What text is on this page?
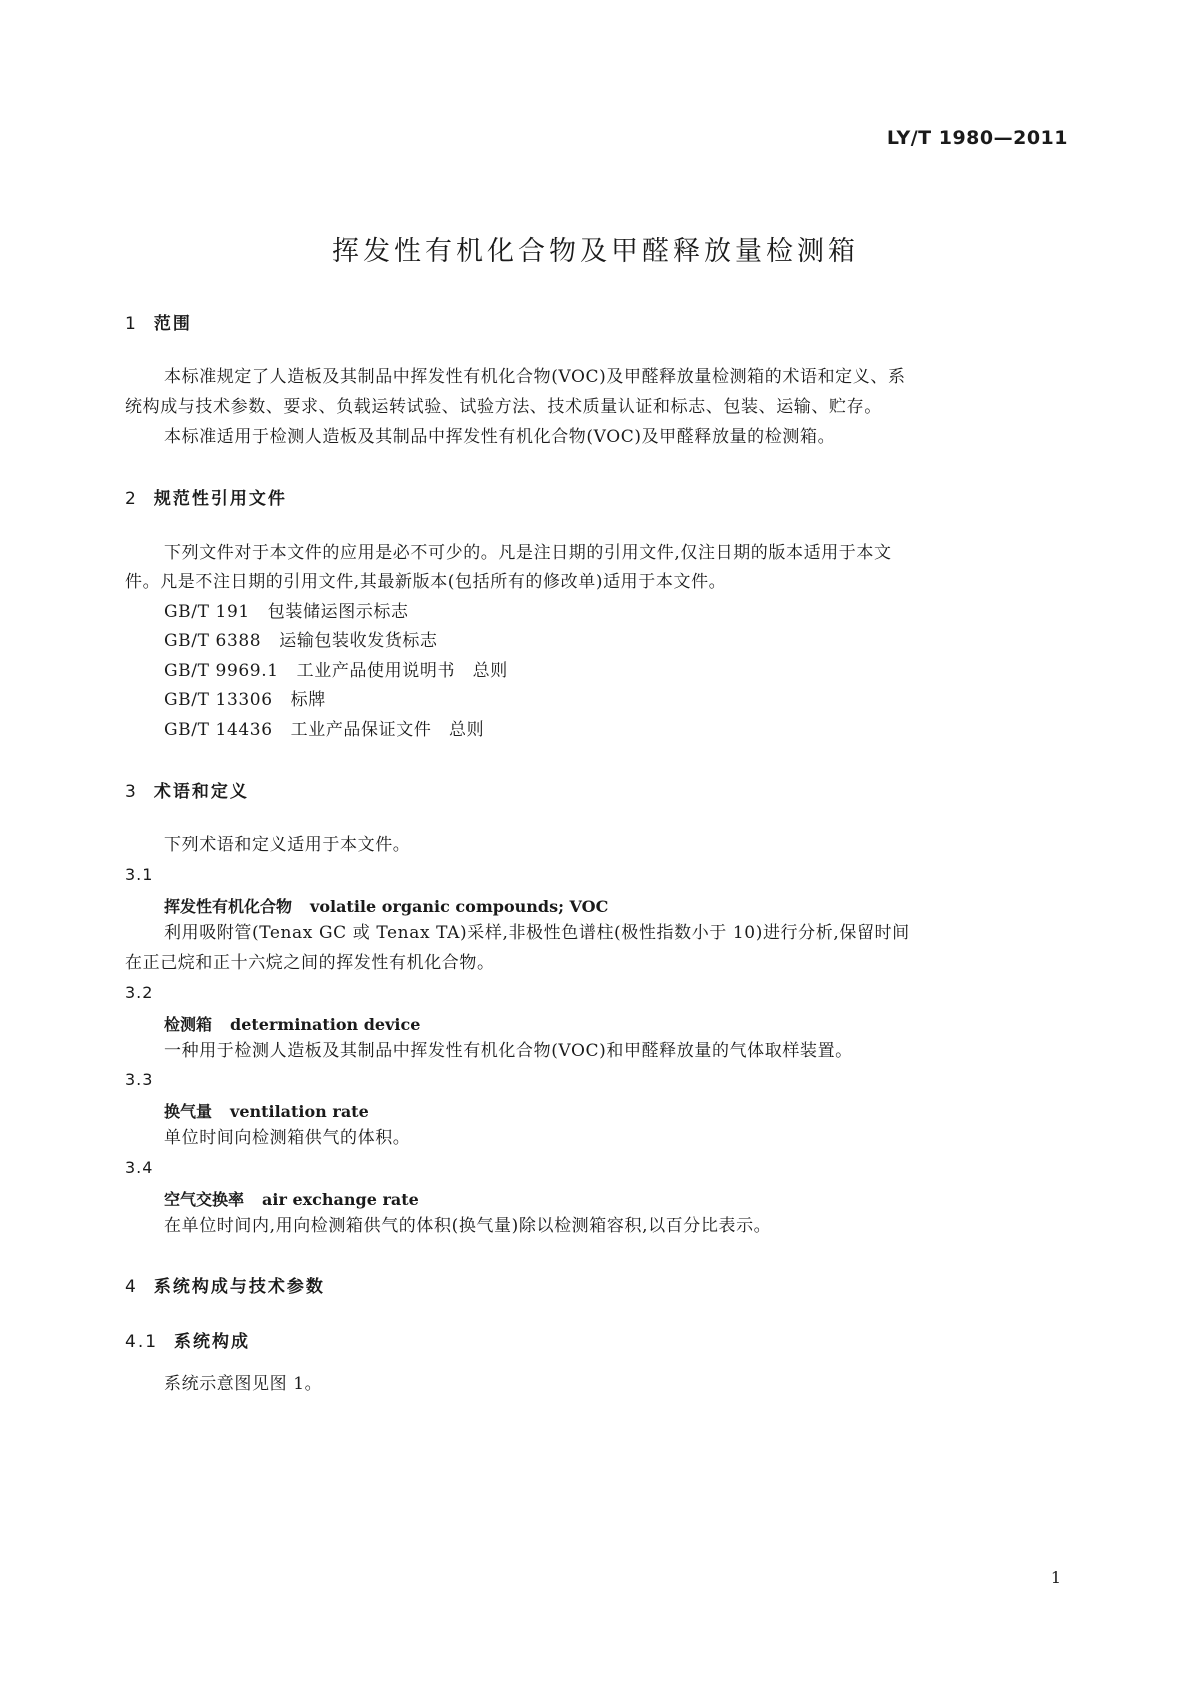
LY/T 1980—2011
挥发性有机化合物及甲醛释放量检测箱
1 范围
本标准规定了人造板及其制品中挥发性有机化合物(VOC)及甲醛释放量检测箱的术语和定义、系
统构成与技术参数、要求、负载运转试验、试验方法、技术质量认证和标志、包装、运输、贮存。
本标准适用于检测人造板及其制品中挥发性有机化合物(VOC)及甲醛释放量的检测箱。
2 规范性引用文件
下列文件对于本文件的应用是必不可少的。凡是注日期的引用文件,仅注日期的版本适用于本文
件。凡是不注日期的引用文件,其最新版本(包括所有的修改单)适用于本文件。
GB/T 191 包装储运图示标志
GB/T 6388 运输包装收发货标志
GB/T 9969.1 工业产品使用说明书　总则
GB/T 13306 标牌
GB/T 14436 工业产品保证文件　总则
3 术语和定义
下列术语和定义适用于本文件。
3.1
挥发性有机化合物 volatile organic compounds; VOC
利用吸附管(Tenax GC 或 Tenax TA)采样,非极性色谱柱(极性指数小于 10)进行分析,保留时间
在正己烷和正十六烷之间的挥发性有机化合物。
3.2
检测箱 determination device
一种用于检测人造板及其制品中挥发性有机化合物(VOC)和甲醛释放量的气体取样装置。
3.3
换气量 ventilation rate
单位时间向检测箱供气的体积。
3.4
空气交换率 air exchange rate
在单位时间内,用向检测箱供气的体积(换气量)除以检测箱容积,以百分比表示。
4 系统构成与技术参数
4.1 系统构成
系统示意图见图 1。
1
